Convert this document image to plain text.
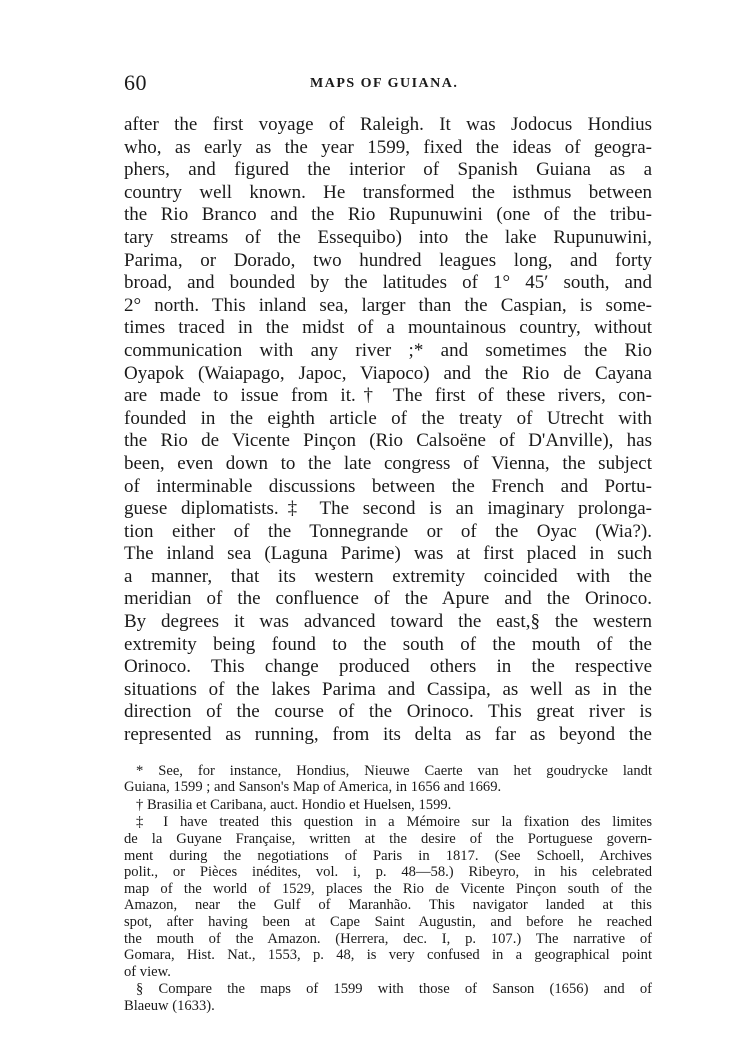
60	MAPS OF GUIANA.
after the first voyage of Raleigh. It was Jodocus Hondius
who, as early as the year 1599, fixed the ideas of geogra-
phers, and figured the interior of Spanish Guiana as a
country well known. He transformed the isthmus between
the Rio Branco and the Rio Rupunuwini (one of the tribu-
tary streams of the Essequibo) into the lake Rupunuwini,
Parima, or Dorado, two hundred leagues long, and forty
broad, and bounded by the latitudes of 1° 45′ south, and
2° north. This inland sea, larger than the Caspian, is some-
times traced in the midst of a mountainous country, without
communication with any river ;* and sometimes the Rio
Oyapok (Waiapago, Japoc, Viapoco) and the Rio de Cayana
are made to issue from it.† The first of these rivers, con-
founded in the eighth article of the treaty of Utrecht with
the Rio de Vicente Pinçon (Rio Calsoëne of D'Anville), has
been, even down to the late congress of Vienna, the subject
of interminable discussions between the French and Portu-
guese diplomatists.‡ The second is an imaginary prolonga-
tion either of the Tonnegrande or of the Oyac (Wia?).
The inland sea (Laguna Parime) was at first placed in such
a manner, that its western extremity coincided with the
meridian of the confluence of the Apure and the Orinoco.
By degrees it was advanced toward the east,§ the western
extremity being found to the south of the mouth of the
Orinoco. This change produced others in the respective
situations of the lakes Parima and Cassipa, as well as in the
direction of the course of the Orinoco. This great river is
represented as running, from its delta as far as beyond the
* See, for instance, Hondius, Nieuwe Caerte van het goudrycke landt
Guiana, 1599 ; and Sanson's Map of America, in 1656 and 1669.
† Brasilia et Caribana, auct. Hondio et Huelsen, 1599.
‡ I have treated this question in a Mémoire sur la fixation des limites
de la Guyane Française, written at the desire of the Portuguese govern-
ment during the negotiations of Paris in 1817. (See Schoell, Archives
polit., or Pièces inédites, vol. i, p. 48—58.) Ribeyro, in his celebrated
map of the world of 1529, places the Rio de Vicente Pinçon south of the
Amazon, near the Gulf of Maranhão. This navigator landed at this
spot, after having been at Cape Saint Augustin, and before he reached
the mouth of the Amazon. (Herrera, dec. I, p. 107.) The narrative of
Gomara, Hist. Nat., 1553, p. 48, is very confused in a geographical point
of view.
§ Compare the maps of 1599 with those of Sanson (1656) and of
Blaeuw (1633).
